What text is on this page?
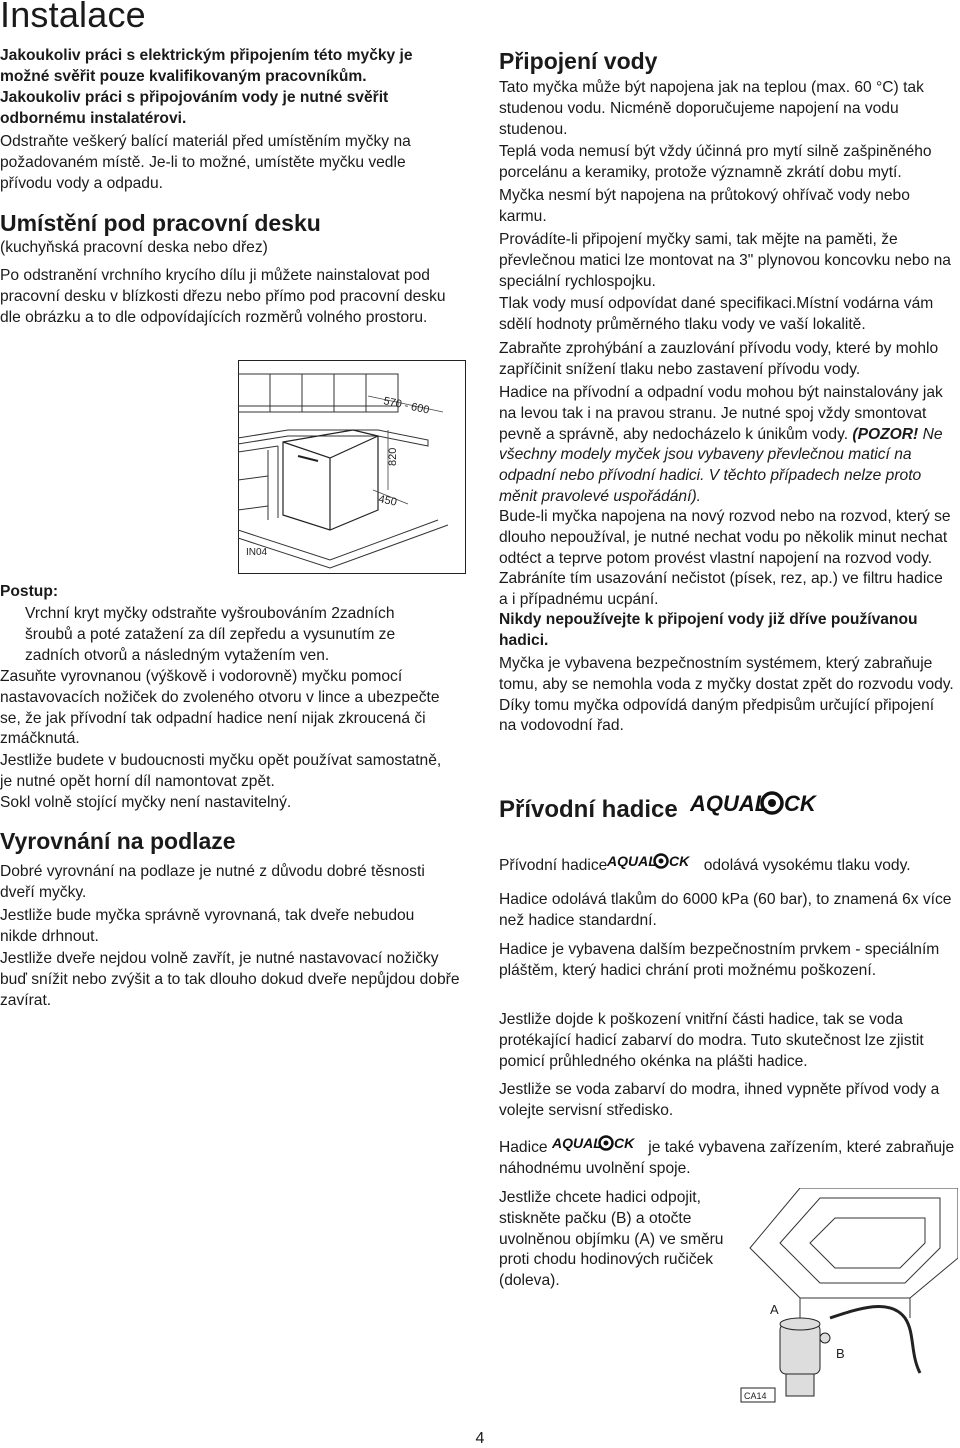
Instalace
Jakoukoliv práci s elektrickým připojením této myčky je možné svěřit pouze kvalifikovaným pracovníkům.
Jakoukoliv práci s připojováním vody je nutné svěřit odbornému instalatérovi.

Odstraňte veškerý balící materiál před umístěním myčky na požadovaném místě. Je-li to možné, umístěte myčku vedle přívodu vody a odpadu.

Umístění pod pracovní desku

(kuchyňská pracovní deska nebo dřez)

Po odstranění vrchního krycího dílu ji můžete nainstalovat pod pracovní desku v blízkosti dřezu nebo přímo pod pracovní desku dle obrázku a to dle odpovídajících rozměrů volného prostoru.

570 - 600
820
450
IN04

Postup:

Vrchní kryt myčky odstraňte vyšroubováním 2zadních šroubů a poté zatažení za díl zepředu a vysunutím ze zadních otvorů a následným vytažením ven.

Zasuňte vyrovnanou (výškově i vodorovně) myčku pomocí nastavovacích nožiček do zvoleného otvoru v lince a ubezpečte se, že jak přívodní tak odpadní hadice není nijak zkroucená či zmáčknutá.

Jestliže budete v budoucnosti myčku opět používat samostatně, je nutné opět horní díl namontovat zpět.

Sokl volně stojící myčky není nastavitelný.

Vyrovnání na podlaze

Dobré vyrovnání na podlaze je nutné z důvodu dobré těsnosti dveří myčky.

Jestliže bude myčka správně vyrovnaná, tak dveře nebudou nikde drhnout.

Jestliže dveře nejdou volně zavřít, je nutné nastavovací nožičky buď snížit nebo zvýšit a to tak dlouho dokud dveře nepůjdou dobře zavírat.

Připojení vody

Tato myčka může být napojena jak na teplou (max. 60 °C) tak studenou vodu. Nicméně doporučujeme napojení na vodu studenou.

Teplá voda nemusí být vždy účinná pro mytí silně zašpiněného porcelánu a keramiky, protože významně zkrátí dobu mytí.

Myčka nesmí být napojena na průtokový ohřívač vody nebo karmu.

Provádíte-li připojení myčky sami, tak mějte na paměti, že převlečnou matici lze montovat na 3" plynovou koncovku nebo na speciální rychlospojku.

Tlak vody musí odpovídat dané specifikaci.Místní vodárna vám sdělí hodnoty průměrného tlaku vody ve vaší lokalitě.

Zabraňte zprohýbání a zauzlování přívodu vody, které by mohlo zapříčinit snížení tlaku nebo zastavení přívodu vody.

Hadice na přívodní a odpadní vodu mohou být nainstalovány jak na levou tak i na pravou stranu. Je nutné spoj vždy smontovat pevně a správně, aby nedocházelo k únikům vody. (POZOR! Ne všechny modely myček jsou vybaveny převlečnou maticí na odpadní nebo přívodní hadici. V těchto případech nelze proto měnit pravolevé uspořádání).

Bude-li myčka napojena na nový rozvod nebo na rozvod, který se dlouho nepoužíval, je nutné nechat vodu po několik minut nechat odtéct a teprve potom provést vlastní napojení na rozvod vody. Zabráníte tím usazování nečistot (písek, rez, ap.) ve filtru hadice a i případnému ucpání.

Nikdy nepoužívejte k připojení vody již dříve používanou hadici.

Myčka je vybavena bezpečnostním systémem, který zabraňuje tomu, aby se nemohla voda z myčky dostat zpět do rozvodu vody. Díky tomu myčka odpovídá daným předpisům určující připojení na vodovodní řad.

Přívodní hadice AQUAL CK

Přívodní hadice AQUAL CK odolává vysokému tlaku vody.

Hadice odolává tlakům do 6000 kPa (60 bar), to znamená 6x více než hadice standardní.

Hadice je vybavena dalším bezpečnostním prvkem - speciálním pláštěm, který hadici chrání proti možnému poškození.

Jestliže dojde k poškození vnitřní části hadice, tak se voda protékající hadicí zabarví do modra. Tuto skutečnost lze zjistit pomicí průhledného okénka na plášti hadice.

Jestliže se voda zabarví do modra, ihned vypněte přívod vody a volejte servisní středisko.

Hadice AQUAL CK je také vybavena zařízením, které zabraňuje náhodnému uvolnění spoje.

Jestliže chcete hadici odpojit, stiskněte pačku (B) a otočte uvolněnou objímku (A) ve směru proti chodu hodinových ručiček (doleva).

A
B
CA14
4
